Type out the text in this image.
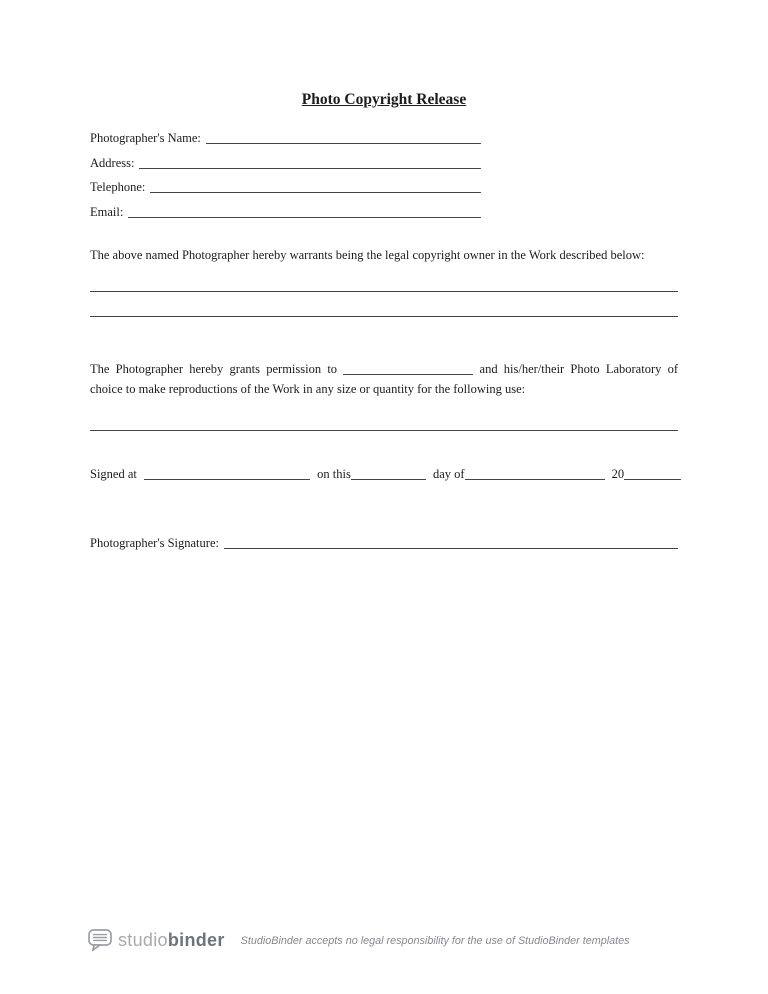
Photo Copyright Release
Photographer's Name:
Address:
Telephone:
Email:

The above named Photographer hereby warrants being the legal copyright owner in the Work described below:

The Photographer hereby grants permission to	and his/her/their Photo Laboratory of choice to make reproductions of the Work in any size or quantity for the following use:

Signed at	on this	day of	20
Photographer's Signature:
studiobinder StudioBinder accepts no legal responsibility for the use of StudioBinder templates
